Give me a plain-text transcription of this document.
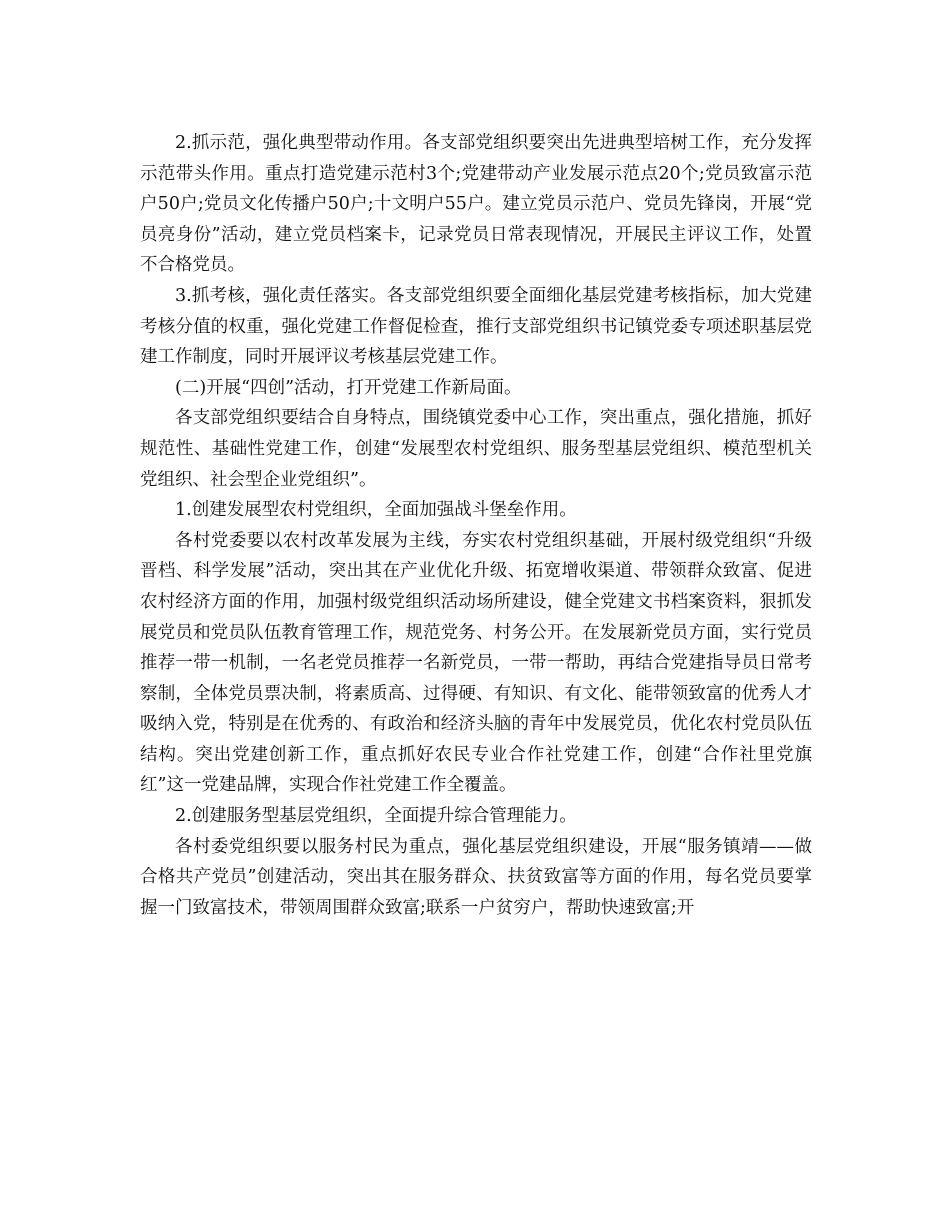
2.抓示范，强化典型带动作用。各支部党组织要突出先进典型培树工作，充分发挥示范带头作用。重点打造党建示范村3个;党建带动产业发展示范点20个;党员致富示范户50户;党员文化传播户50户;十文明户55户。建立党员示范户、党员先锋岗，开展“党员亮身份”活动，建立党员档案卡，记录党员日常表现情况，开展民主评议工作，处置不合格党员。

3.抓考核，强化责任落实。各支部党组织要全面细化基层党建考核指标，加大党建考核分值的权重，强化党建工作督促检查，推行支部党组织书记镇党委专项述职基层党建工作制度，同时开展评议考核基层党建工作。

(二)开展“四创”活动，打开党建工作新局面。

各支部党组织要结合自身特点，围绕镇党委中心工作，突出重点，强化措施，抓好规范性、基础性党建工作，创建“发展型农村党组织、服务型基层党组织、模范型机关党组织、社会型企业党组织”。

1.创建发展型农村党组织，全面加强战斗堡垒作用。

各村党委要以农村改革发展为主线，夯实农村党组织基础，开展村级党组织“升级晋档、科学发展”活动，突出其在产业优化升级、拓宽增收渠道、带领群众致富、促进农村经济方面的作用，加强村级党组织活动场所建设，健全党建文书档案资料，狠抓发展党员和党员队伍教育管理工作，规范党务、村务公开。在发展新党员方面，实行党员推荐一带一机制，一名老党员推荐一名新党员，一带一帮助，再结合党建指导员日常考察制，全体党员票决制，将素质高、过得硬、有知识、有文化、能带领致富的优秀人才吸纳入党，特别是在优秀的、有政治和经济头脑的青年中发展党员，优化农村党员队伍结构。突出党建创新工作，重点抓好农民专业合作社党建工作，创建“合作社里党旗红”这一党建品牌，实现合作社党建工作全覆盖。

2.创建服务型基层党组织，全面提升综合管理能力。

各村委党组织要以服务村民为重点，强化基层党组织建设，开展“服务镇靖——做合格共产党员”创建活动，突出其在服务群众、扶贫致富等方面的作用，每名党员要掌握一门致富技术，带领周围群众致富;联系一户贫穷户，帮助快速致富;开
